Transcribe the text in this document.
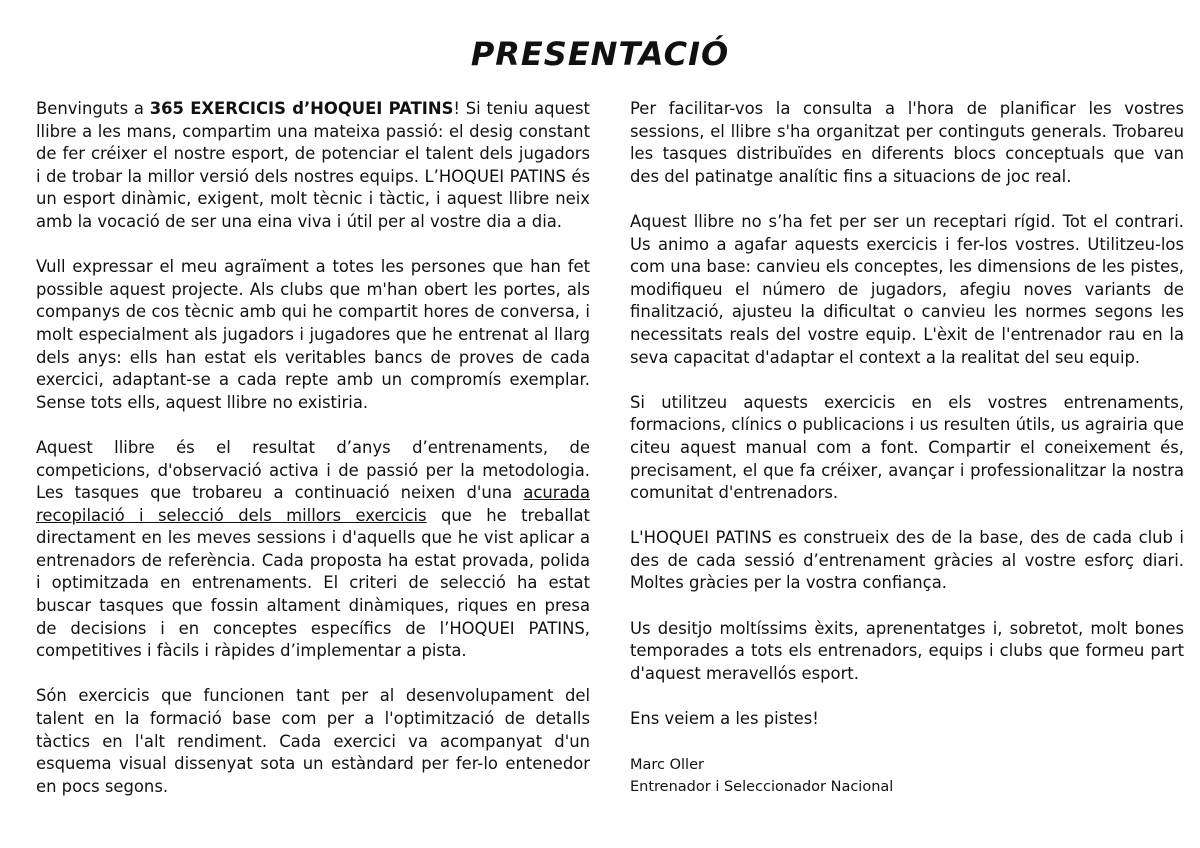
PRESENTACIÓ

Benvinguts a 365 EXERCICIS d’HOQUEI PATINS! Si teniu aquest llibre a les mans, compartim una mateixa passió: el desig constant de fer créixer el nostre esport, de potenciar el talent dels jugadors i de trobar la millor versió dels nostres equips. L’HOQUEI PATINS és un esport dinàmic, exigent, molt tècnic i tàctic, i aquest llibre neix amb la vocació de ser una eina viva i útil per al vostre dia a dia.

Vull expressar el meu agraïment a totes les persones que han fet possible aquest projecte. Als clubs que m'han obert les portes, als companys de cos tècnic amb qui he compartit hores de conversa, i molt especialment als jugadors i jugadores que he entrenat al llarg dels anys: ells han estat els veritables bancs de proves de cada exercici, adaptant-se a cada repte amb un compromís exemplar. Sense tots ells, aquest llibre no existiria.

Aquest llibre és el resultat d’anys d’entrenaments, de competicions, d'observació activa i de passió per la metodologia. Les tasques que trobareu a continuació neixen d'una acurada recopilació i selecció dels millors exercicis que he treballat directament en les meves sessions i d'aquells que he vist aplicar a entrenadors de referència. Cada proposta ha estat provada, polida i optimitzada en entrenaments. El criteri de selecció ha estat buscar tasques que fossin altament dinàmiques, riques en presa de decisions i en conceptes específics de l’HOQUEI PATINS, competitives i fàcils i ràpides d’implementar a pista.

Són exercicis que funcionen tant per al desenvolupament del talent en la formació base com per a l'optimització de detalls tàctics en l'alt rendiment. Cada exercici va acompanyat d'un esquema visual dissenyat sota un estàndard per fer-lo entenedor en pocs segons.

Per facilitar-vos la consulta a l'hora de planificar les vostres sessions, el llibre s'ha organitzat per continguts generals. Trobareu les tasques distribuïdes en diferents blocs conceptuals que van des del patinatge analític fins a situacions de joc real.

Aquest llibre no s’ha fet per ser un receptari rígid. Tot el contrari. Us animo a agafar aquests exercicis i fer-los vostres. Utilitzeu-los com una base: canvieu els conceptes, les dimensions de les pistes, modifiqueu el número de jugadors, afegiu noves variants de finalització, ajusteu la dificultat o canvieu les normes segons les necessitats reals del vostre equip. L'èxit de l'entrenador rau en la seva capacitat d'adaptar el context a la realitat del seu equip.

Si utilitzeu aquests exercicis en els vostres entrenaments, formacions, clínics o publicacions i us resulten útils, us agrairia que citeu aquest manual com a font. Compartir el coneixement és, precisament, el que fa créixer, avançar i professionalitzar la nostra comunitat d'entrenadors.

L'HOQUEI PATINS es construeix des de la base, des de cada club i des de cada sessió d’entrenament gràcies al vostre esforç diari. Moltes gràcies per la vostra confiança.

Us desitjo moltíssims èxits, aprenentatges i, sobretot, molt bones temporades a tots els entrenadors, equips i clubs que formeu part d'aquest meravellós esport.

Ens veiem a les pistes!

Marc Oller
Entrenador i Seleccionador Nacional
